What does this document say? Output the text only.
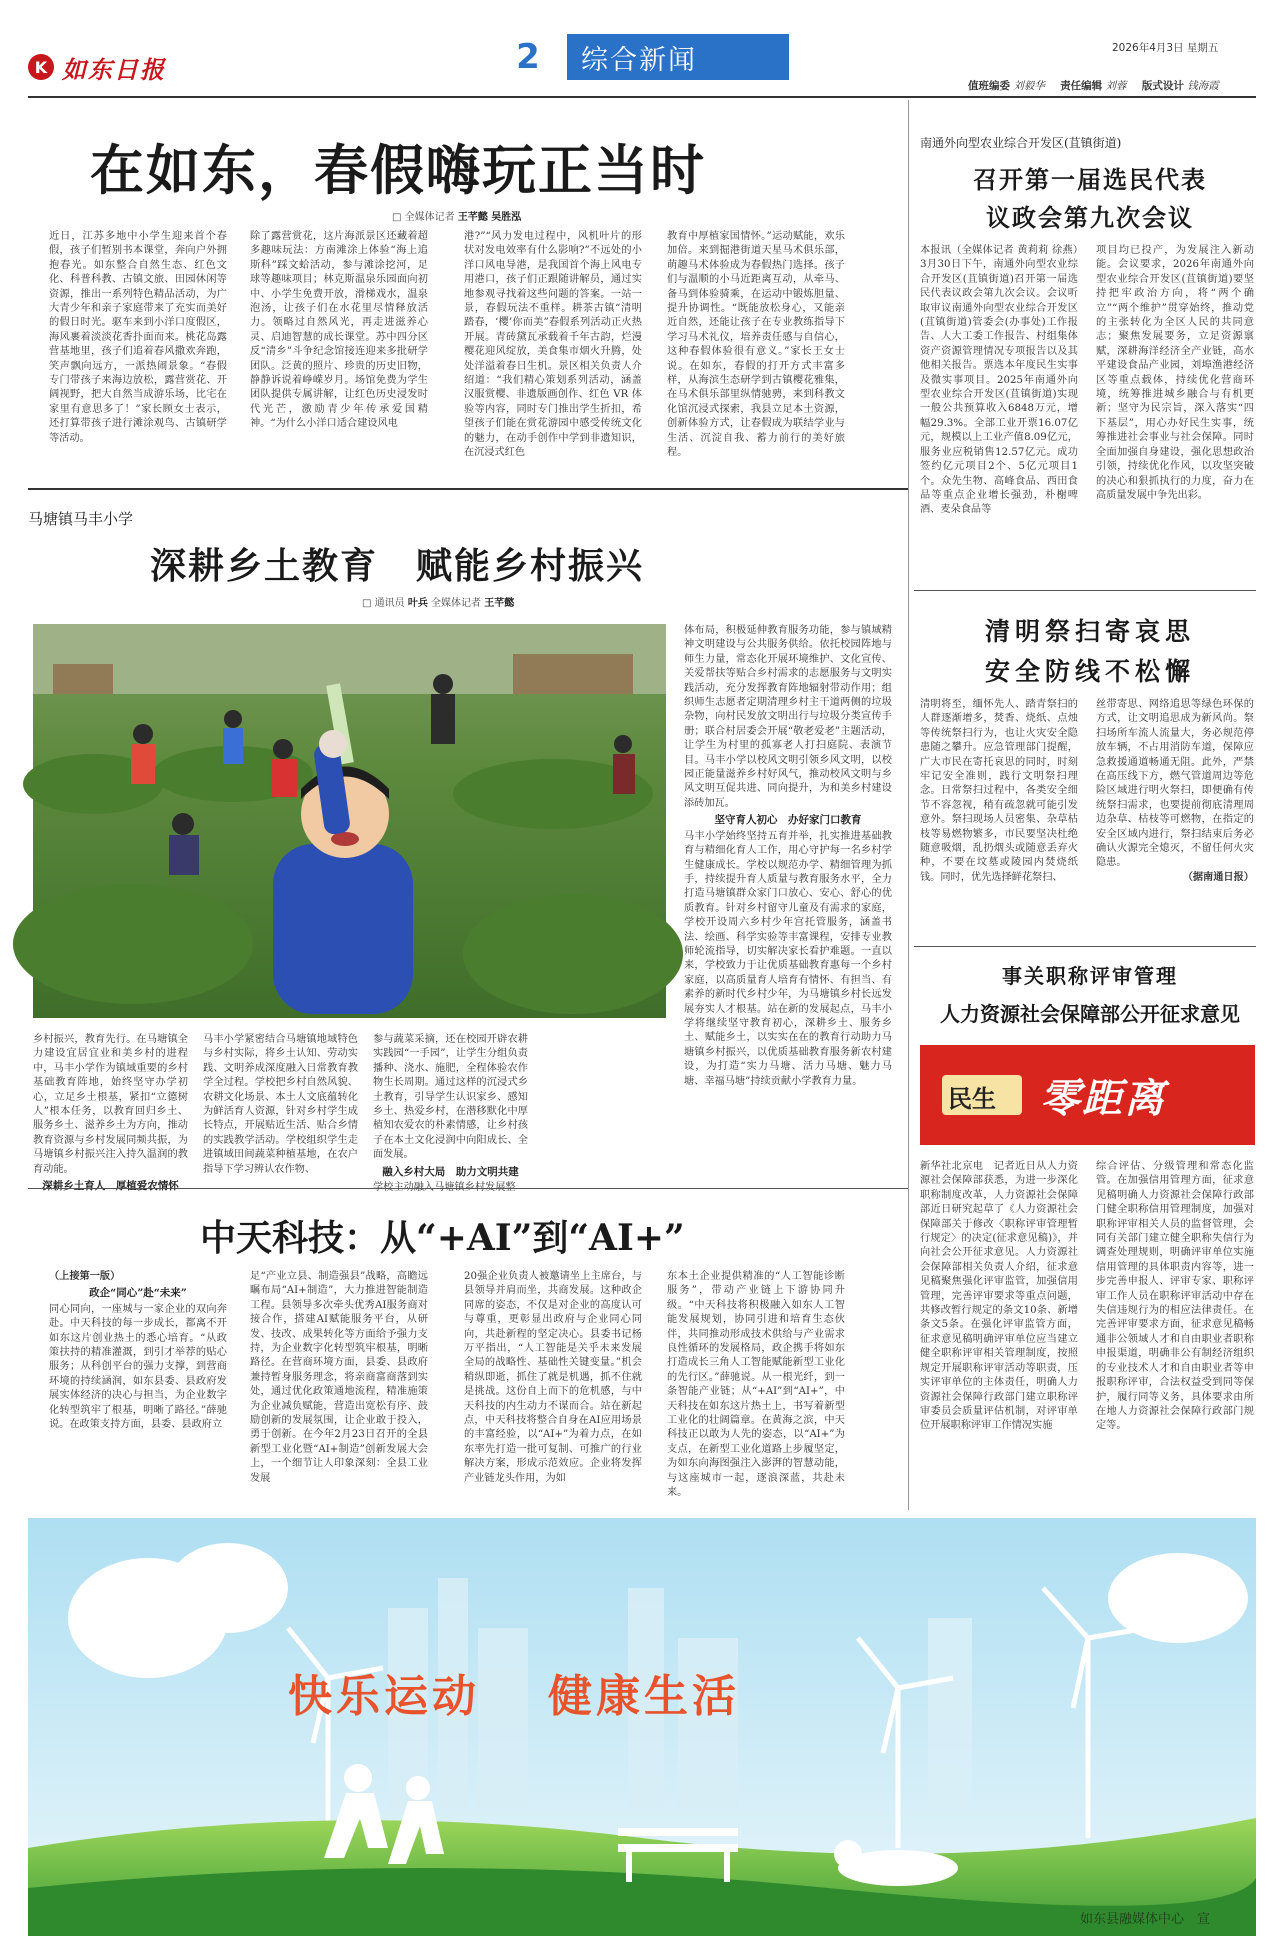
K 如东日报	2	综合新闻	2026年4月3日 星期五
值班编委 刘毅华 责任编辑 刘蓉 版式设计 钱海霞
在如东，春假嗨玩正当时
□ 全媒体记者 王芊懿 吴胜泓
近日，江苏多地中小学生迎来首个春假，孩子们暂别书本课堂，奔向户外拥抱春光。如东整合自然生态、红色文化、科普科教、古镇文旅、田园休闲等资源，推出一系列特色精品活动，为广大青少年和亲子家庭带来了充实而美好的假日时光。驱车来到小洋口度假区，海风裹着淡淡花香扑面而来。桃花岛露营基地里，孩子们追着春风撒欢奔跑，笑声飘向远方，一派热闹景象。“春假专门带孩子来海边放松，露营赏花、开阔视野，把大自然当成游乐场，比宅在家里有意思多了！”家长顾女士表示，还打算带孩子进行滩涂观鸟、古镇研学等活动。
除了露营赏花，这片海派景区还藏着超多趣味玩法：方南滩涂上体验“海上追斯科”踩文蛤活动，参与滩涂挖河，足球等趣味项目；林克斯温泉乐园面向初中、小学生免费开放，滑梯戏水，温泉泡汤，让孩子们在水花里尽情释放活力。领略过自然风光，再走进滋养心灵、启迪智慧的成长课堂。苏中四分区反“清乡”斗争纪念馆接连迎来多批研学团队。泛黄的照片、珍贵的历史旧物，静静诉说着峥嵘岁月。场馆免费为学生团队提供专属讲解，让红色历史浸发时代光芒，激励青少年传承爱国精神。“为什么小洋口适合建设风电
港?”“风力发电过程中，风机叶片的形状对发电效率有什么影响?”不远处的小洋口风电导港，是我国首个海上风电专用港口，孩子们正跟随讲解员，通过实地参观寻找着这些问题的答案。一站一景，春假玩法不重样。耕茶古镇“清明踏春，‘樱’你而美”春假系列活动正火热开展。青砖黛瓦承载着千年古韵，烂漫樱花迎风绽放，美食集市烟火升腾，处处洋溢着春日生机。景区相关负责人介绍道：“我们精心策划系列活动，涵盖汉服赏樱、非遗版画创作、红色 VR 体验等内容，同时专门推出学生折扣，希望孩子们能在赏花游园中感受传统文化的魅力，在动手创作中学到非遗知识，在沉浸式红色
教育中厚植家国情怀。”运动赋能，欢乐加倍。来到掘港街道天星马术俱乐部，萌趣马术体验成为春假热门选择。孩子们与温顺的小马近距离互动，从牵马、备马到体验骑乘，在运动中锻炼胆量、提升协调性。“既能放松身心，又能亲近自然，还能让孩子在专业教练指导下学习马术礼仪，培养责任感与自信心，这种春假体验很有意义。”家长王女士说。在如东，春假的打开方式丰富多样，从海滨生态研学到古镇樱花雅集，在马术俱乐部里纵情驰骋，来到科教文化馆沉浸式探索，我县立足本土资源，创新体验方式，让春假成为联结学业与生活、沉淀自我、蓄力前行的美好旅程。
南通外向型农业综合开发区(苴镇街道)
召开第一届选民代表
议政会第九次会议
本报讯（全媒体记者 黄莉莉 徐燕）3月30日下午，南通外向型农业综合开发区(苴镇街道)召开第一届选民代表议政会第九次会议。会议听取审议南通外向型农业综合开发区(苴镇街道)管委会(办事处)工作报告、人大工委工作报告、村组集体资产资源管理情况专项报告以及其他相关报告。票选本年度民生实事及微实事项目。2025年南通外向型农业综合开发区(苴镇街道)实现一般公共预算收入6848万元，增幅29.3%。全部工业开票16.07亿元，规模以上工业产值8.09亿元，服务业应税销售12.57亿元。成功签约亿元项目2个、5亿元项目1个。众先生物、高峰食品、西田食品等重点企业增长强劲，朴榭啤酒、麦朵食品等
项目均已投产，为发展注入新动能。会议要求，2026年南通外向型农业综合开发区(苴镇街道)要坚持把牢政治方向，将“两个确立”“两个维护”贯穿始终，推动党的主张转化为全区人民的共同意志；聚焦发展要务，立足资源禀赋，深耕海洋经济全产业链，高水平建设食品产业园，刘埠渔港经济区等重点载体，持续优化营商环境，统筹推进城乡融合与有机更新；坚守为民宗旨，深入落实“四下基层”，用心办好民生实事，统筹推进社会事业与社会保障。同时全面加强自身建设，强化思想政治引领，持续优化作风，以攻坚突破的决心和狠抓执行的力度，奋力在高质量发展中争先出彩。
马塘镇马丰小学
深耕乡土教育　赋能乡村振兴
□ 通讯员 叶兵 全媒体记者 王芊懿
乡村振兴，教育先行。在马塘镇全力建设宜居宜业和美乡村的进程中，马丰小学作为镇域重要的乡村基础教育阵地，始终坚守办学初心，立足乡土根基，紧扣“立德树人”根本任务，以教育回归乡土、服务乡土、滋养乡土为方向，推动教育资源与乡村发展同频共振，为马塘镇乡村振兴注入持久温润的教育动能。
深耕乡土育人　厚植爱农情怀
马丰小学紧密结合马塘镇地域特色与乡村实际，将乡土认知、劳动实践、文明养成深度融入日常教育教学全过程。学校把乡村自然风貌、农耕文化场景、本土人文底蕴转化为鲜活育人资源，针对乡村学生成长特点，开展贴近生活、贴合乡情的实践教学活动。学校组织学生走进镇域田间蔬菜种植基地，在农户指导下学习辨认农作物、
参与蔬菜采摘，还在校园开辟农耕实践园“一手园”，让学生分组负责播种、浇水、施肥，全程体验农作物生长周期。通过这样的沉浸式乡土教育，引导学生认识家乡、感知乡土、热爱乡村，在潜移默化中厚植知农爱农的朴素情感，让乡村孩子在本土文化浸润中向阳成长、全面发展。
融入乡村大局　助力文明共建
学校主动融入马塘镇乡村发展整
体布局，积极延伸教育服务功能，参与镇域精神文明建设与公共服务供给。依托校园阵地与师生力量，常态化开展环境维护、文化宣传、关爱帮扶等贴合乡村需求的志愿服务与文明实践活动，充分发挥教育阵地辐射带动作用；组织师生志愿者定期清理乡村主干道两侧的垃圾杂物，向村民发放文明出行与垃圾分类宣传手册；联合村居委会开展“敬老爱老”主题活动，让学生为村里的孤寡老人打扫庭院、表演节目。马丰小学以校风文明引领乡风文明，以校园正能量滋养乡村好风气，推动校风文明与乡风文明互促共进、同向提升，为和美乡村建设添砖加瓦。
坚守育人初心　办好家门口教育
马丰小学始终坚持五育并举，扎实推进基础教育与精细化育人工作，用心守护每一名乡村学生健康成长。学校以规范办学、精细管理为抓手，持续提升育人质量与教育服务水平，全力打造马塘镇群众家门口放心、安心、舒心的优质教育。针对乡村留守儿童及有需求的家庭，学校开设周六乡村少年宫托管服务，涵盖书法、绘画、科学实验等丰富课程，安排专业教师轮流指导，切实解决家长看护难题。一直以来，学校致力于让优质基础教育惠每一个乡村家庭，以高质量育人培育有情怀、有担当、有素养的新时代乡村少年，为马塘镇乡村长远发展夯实人才根基。站在新的发展起点，马丰小学将继续坚守教育初心，深耕乡土、服务乡土、赋能乡土，以实实在在的教育行动助力马塘镇乡村振兴，以优质基础教育服务新农村建设，为打造“实力马塘、活力马塘、魅力马塘、幸福马塘”持续贡献小学教育力量。
清明祭扫寄哀思
安全防线不松懈
清明将至，缅怀先人、踏青祭扫的人群逐渐增多，焚香、烧纸、点烛等传统祭扫行为，也让火灾安全隐患随之攀升。应急管理部门提醒，广大市民在寄托哀思的同时，时刻牢记安全准则，践行文明祭扫理念。日常祭扫过程中，各类安全细节不容忽视，稍有疏忽就可能引发意外。祭扫现场人员密集、杂草枯枝等易燃物繁多，市民要坚决杜绝随意吸烟，乱扔烟头或随意丢弃火种，不要在坟墓或陵园内焚烧纸钱。同时，优先选择鲜花祭扫、
丝带寄思、网络追思等绿色环保的方式，让文明追思成为新风尚。祭扫场所车流人流量大，务必规范停放车辆，不占用消防车道，保障应急救援通道畅通无阻。此外，严禁在高压线下方，燃气管道周边等危险区域进行明火祭扫，即便确有传统祭扫需求，也要提前彻底清理周边杂草、枯枝等可燃物，在指定的安全区域内进行，祭扫结束后务必确认火源完全熄灭，不留任何火灾隐患。
（据南通日报）
事关职称评审管理
人力资源社会保障部公开征求意见
民生 零距离
新华社北京电　记者近日从人力资源社会保障部获悉，为进一步深化职称制度改革，人力资源社会保障部近日研究起草了《人力资源社会保障部关于修改〈职称评审管理暂行规定〉的决定(征求意见稿)》，并向社会公开征求意见。人力资源社会保障部相关负责人介绍，征求意见稿聚焦强化评审监管，加强信用管理，完善评审要求等重点问题，共修改暂行规定的条文10条、新增条文5条。在强化评审监管方面，征求意见稿明确评审单位应当建立健全职称评审相关管理制度，按照规定开展职称评审活动等职责，压实评审单位的主体责任，明确人力资源社会保障行政部门建立职称评审委员会质量评估机制，对评审单位开展职称评审工作情况实施
综合评估、分级管理和常态化监管。在加强信用管理方面，征求意见稿明确人力资源社会保障行政部门健全职称信用管理制度，加强对职称评审相关人员的监督管理，会同有关部门建立健全职称失信行为调查处理规则，明确评审单位实施信用管理的具体职责内容等，进一步完善申报人、评审专家、职称评审工作人员在职称评审活动中存在失信违规行为的相应法律责任。在完善评审要求方面，征求意见稿畅通非公领域人才和自由职业者职称申报渠道，明确非公有制经济组织的专业技术人才和自由职业者等申报职称评审，合法权益受到同等保护，履行同等义务，具体要求由所在地人力资源社会保障行政部门规定等。
中天科技：从“+AI”到“AI+”
（上接第一版）
政企“同心”赴“未来”
同心同向，一座城与一家企业的双向奔赴。中天科技的每一步成长，都离不开如东这片创业热土的悉心培育。“从政策扶持的精准灌溉，到引才举荐的贴心服务；从科创平台的强力支撑，到营商环境的持续涵润，如东县委、县政府发展实体经济的决心与担当，为企业数字化转型筑牢了根基，明晰了路径。”薛驰说。在政策支持方面，县委、县政府立
足“产业立县、制造强县”战略，高瞻远瞩布局“AI+制造”，大力推进智能制造工程。县领导多次牵头优秀AI服务商对接合作，搭建AI赋能服务平台，从研发、技改、成果转化等方面给予强力支持，为企业数字化转型筑牢根基，明晰路径。在营商环境方面，县委、县政府兼持暂身服务理念，将亲商富商落到实处，通过优化政策通地流程，精准施策为企业减负赋能，营造出宽松有序、鼓励创新的发展氛围，让企业敢于投入，勇于创新。在今年2月23日召开的全县新型工业化暨“AI+制造”创新发展大会上，一个细节让人印象深刻：全县工业发展
20强企业负责人被邀请坐上主席台，与县领导并肩而坐，共商发展。这种政企同席的姿态，不仅是对企业的高度认可与尊重，更彰显出政府与企业同心同向，共赴新程的坚定决心。县委书记杨万平指出，“人工智能是关乎未来发展全局的战略性、基础性关键变量。”机会稍纵即逝，抓住了就是机遇，抓不住就是挑战。这份自上而下的危机感，与中天科技的内生动力不谋而合。站在新起点，中天科技将整合自身在AI应用场景的丰富经验，以“AI+”为着力点，在如东率先打造一批可复制、可推广的行业解决方案，形成示范效应。企业将发挥产业链龙头作用，为如
东本土企业提供精准的“人工智能诊断服务”，带动产业链上下游协同升级。“中天科技将积极融入如东人工智能发展规划，协同引进和培育生态伙伴，共同推动形成技术供给与产业需求良性循环的发展格局，政企携手将如东打造成长三角人工智能赋能新型工业化的先行区。”薛驰说。从一根光纤，到一条智能产业链；从“+AI”到“AI+”，中天科技在如东这片热土上，书写着新型工业化的壮阔篇章。在黄海之滨，中天科技正以敢为人先的姿态，以“AI+”为支点，在新型工业化道路上步履坚定，为如东向海图强注入澎湃的智慧动能，与这座城市一起，逐浪深蓝，共赴未来。
快乐运动 健康生活
如东县融媒体中心　宣
